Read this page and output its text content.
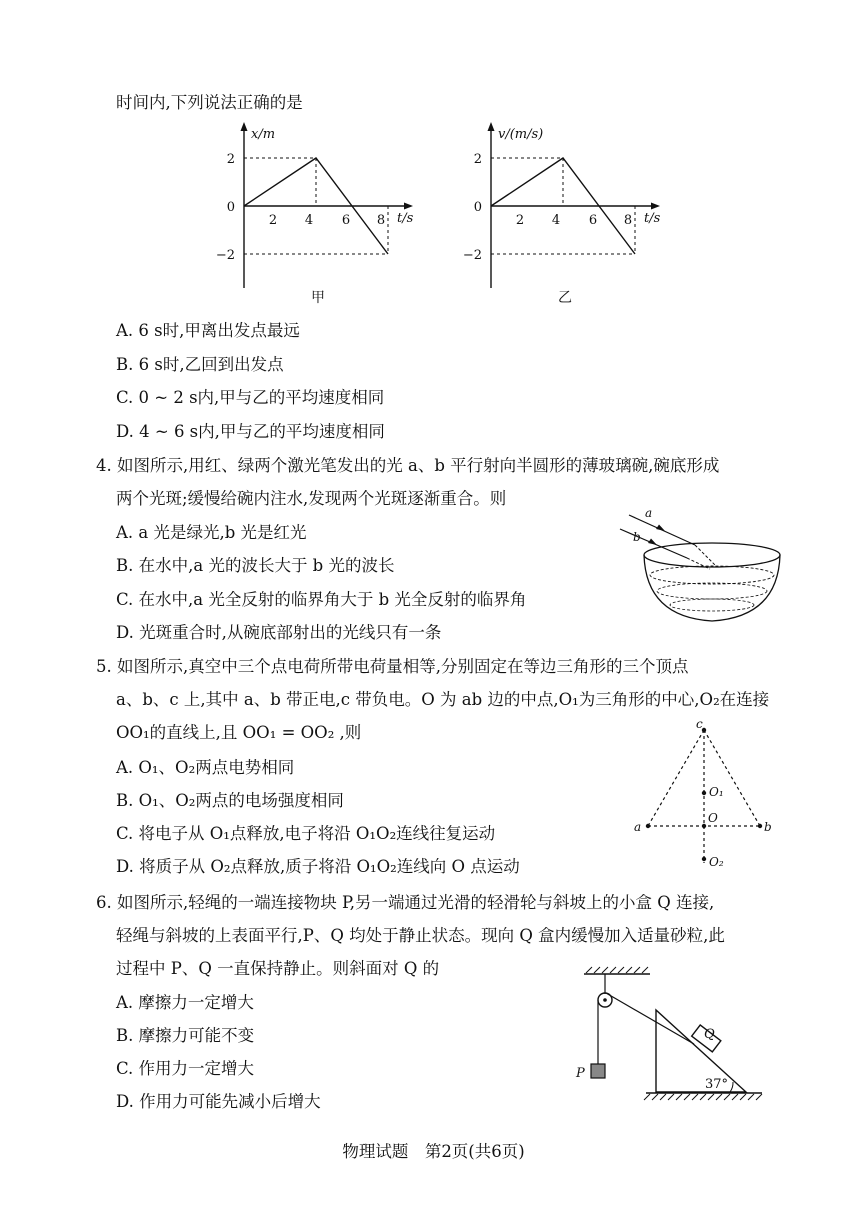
时间内,下列说法正确的是
x/m
t/s
2 4 6 8
2
0
−2
甲
v/(m/s)
t/s
2 4 6 8
2
0
−2
乙
A. 6 s时,甲离出发点最远
B. 6 s时,乙回到出发点
C. 0 ~ 2 s内,甲与乙的平均速度相同
D. 4 ~ 6 s内,甲与乙的平均速度相同
4. 如图所示,用红、绿两个激光笔发出的光 a、b 平行射向半圆形的薄玻璃碗,碗底形成
两个光斑;缓慢给碗内注水,发现两个光斑逐渐重合。则
A. a 光是绿光,b 光是红光
B. 在水中,a 光的波长大于 b 光的波长
C. 在水中,a 光全反射的临界角大于 b 光全反射的临界角
D. 光斑重合时,从碗底部射出的光线只有一条
a
b
5. 如图所示,真空中三个点电荷所带电荷量相等,分别固定在等边三角形的三个顶点
a、b、c 上,其中 a、b 带正电,c 带负电。O 为 ab 边的中点,O₁为三角形的中心,O₂在连接
OO₁的直线上,且 OO₁ = OO₂ ,则
A. O₁、O₂两点电势相同
B. O₁、O₂两点的电场强度相同
C. 将电子从 O₁点释放,电子将沿 O₁O₂连线往复运动
D. 将质子从 O₂点释放,质子将沿 O₁O₂连线向 O 点运动
c
a	b
O
O₁
O₂
6. 如图所示,轻绳的一端连接物块 P,另一端通过光滑的轻滑轮与斜坡上的小盒 Q 连接,
轻绳与斜坡的上表面平行,P、Q 均处于静止状态。现向 Q 盒内缓慢加入适量砂粒,此
过程中 P、Q 一直保持静止。则斜面对 Q 的
A. 摩擦力一定增大
B. 摩擦力可能不变
C. 作用力一定增大
D. 作用力可能先减小后增大
P
Q
37°
物理试题　第2页(共6页)
